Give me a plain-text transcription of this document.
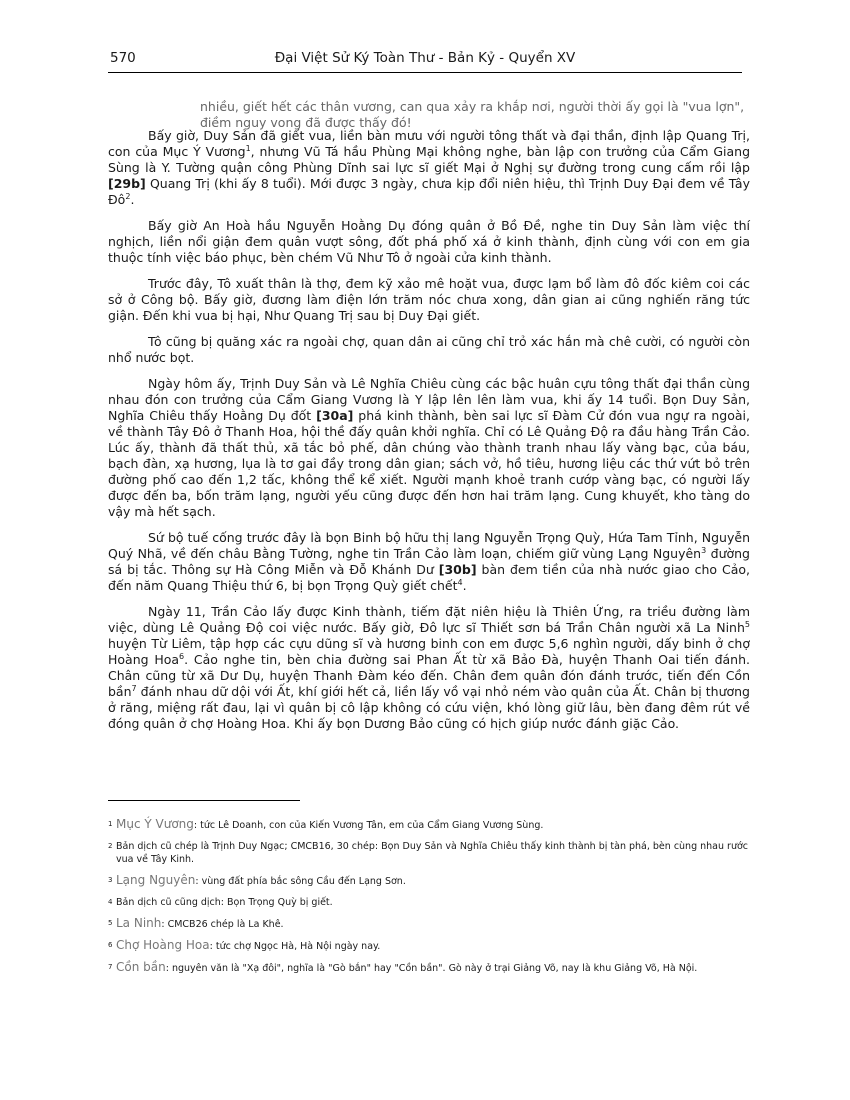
570	Đại Việt Sử Ký Toàn Thư - Bản Kỷ - Quyển XV
nhiều, giết hết các thân vương, can qua xảy ra khắp nơi, người thời ấy gọi là "vua lợn", điềm nguy vong đã được thấy đó!

Bấy giờ, Duy Sản đã giết vua, liền bàn mưu với người tông thất và đại thần, định lập Quang Trị, con của Mục Ý Vương$^1$, nhưng Vũ Tá hầu Phùng Mại không nghe, bàn lập con trưởng của Cẩm Giang Sùng là Y. Tường quận công Phùng Dĩnh sai lực sĩ giết Mại ở Nghị sự đường trong cung cấm rồi lập [29b] Quang Trị (khi ấy 8 tuổi). Mới được 3 ngày, chưa kịp đổi niên hiệu, thì Trịnh Duy Đại đem về Tây $Đô^2$.

Bấy giờ An Hoà hầu Nguyễn Hoằng Dụ đóng quân ở Bồ Đề, nghe tin Duy Sản làm việc thí nghịch, liền nổi giận đem quân vượt sông, đốt phá phố xá ở kinh thành, định cùng với con em gia thuộc tính việc báo phục, bèn chém Vũ Như Tô ở ngoài cửa kinh thành.

Trước đây, Tô xuất thân là thợ, đem kỹ xảo mê hoặt vua, được lạm bổ làm đô đốc kiêm coi các sở ở Công bộ. Bấy giờ, đương làm điện lớn trăm nóc chưa xong, dân gian ai cũng nghiến răng tức giận. Đến khi vua bị hại, Như Quang Trị sau bị Duy Đại giết.

Tô cũng bị quăng xác ra ngoài chợ, quan dân ai cũng chỉ trỏ xác hắn mà chê cười, có người còn nhổ nước bọt.

Ngày hôm ấy, Trịnh Duy Sản và Lê Nghĩa Chiêu cùng các bậc huân cựu tông thất đại thần cùng nhau đón con trưởng của Cẩm Giang Vương là Y lập lên lên làm vua, khi ấy 14 tuổi. Bọn Duy Sản, Nghĩa Chiêu thấy Hoằng Dụ đốt [30a] phá kinh thành, bèn sai lực sĩ Đàm Cử đón vua ngự ra ngoài, về thành Tây Đô ở Thanh Hoa, hội thề đấy quân khởi nghĩa. Chỉ có Lê Quảng Độ ra đầu hàng Trần Cảo. Lúc ấy, thành đã thất thủ, xã tắc bỏ phế, dân chúng vào thành tranh nhau lấy vàng bạc, của báu, bạch đàn, xạ hương, lụa là tơ gai đầy trong dân gian; sách vở, hồ tiêu, hương liệu các thứ vứt bỏ trên đường phố cao đến 1,2 tấc, không thể kể xiết. Người mạnh khoẻ tranh cướp vàng bạc, có người lấy được đến ba, bốn trăm lạng, người yếu cũng được đến hơn hai trăm lạng. Cung khuyết, kho tàng do vậy mà hết sạch.

Sứ bộ tuế cống trước đây là bọn Binh bộ hữu thị lang Nguyễn Trọng Quỳ, Hứa Tam Tỉnh, Nguyễn Quý Nhã, về đến châu Bằng Tường, nghe tin Trần Cảo làm loạn, chiếm giữ vùng Lạng Nguyên$^3$ đường sá bị tắc. Thông sự Hà Công Miễn và Đỗ Khánh Dư [30b] bàn đem tiền của nhà nước giao cho Cảo, đến năm Quang Thiệu thứ 6, bị bọn Trọng Quỳ giết chết$^4$.

Ngày 11, Trần Cảo lấy được Kinh thành, tiếm đặt niên hiệu là Thiên Ứng, ra triều đường làm việc, dùng Lê Quảng Độ coi việc nước. Bấy giờ, Đô lực sĩ Thiết sơn bá Trần Chân người xã La Ninh$^5$ huyện Từ Liêm, tập hợp các cựu dũng sĩ và hương binh con em được 5,6 nghìn người, dấy binh ở chợ Hoàng Hoa$^6$. Cảo nghe tin, bèn chia đường sai Phan Ất từ xã Bảo Đà, huyện Thanh Oai tiến đánh. Chân cũng từ xã Dư Dụ, huyện Thanh Đàm kéo đến. Chân đem quân đón đánh trước, tiến đến Cồn bần$^7$ đánh nhau dữ dội với Ất, khí giới hết cả, liền lấy vồ vại nhỏ ném vào quân của Ất. Chân bị thương ở răng, miệng rất đau, lại vì quân bị cô lập không có cứu viện, khó lòng giữ lâu, bèn đang đêm rút về đóng quân ở chợ Hoàng Hoa. Khi ấy bọn Dương Bảo cũng có hịch giúp nước đánh giặc Cảo.

1 Mục Ý Vương: tức Lê Doanh, con của Kiến Vương Tân, em của Cẩm Giang Vương Sùng.
2 Bản dịch cũ chép là Trịnh Duy Ngạc; CMCB16, 30 chép: Bọn Duy Sản và Nghĩa Chiêu thấy kinh thành bị tàn phá, bèn cùng nhau rước vua về Tây Kinh.
3 Lạng Nguyên: vùng đất phía bắc sông Cầu đến Lạng Sơn.
4 Bản dịch cũ cũng dịch: Bọn Trọng Quỳ bị giết.
5 La Ninh: CMCB26 chép là La Khê.
6 Chợ Hoàng Hoa: tức chợ Ngọc Hà, Hà Nội ngày nay.
7 Cồn bần: nguyên văn là "Xạ đôi", nghĩa là "Gò bắn" hay "Cồn bần". Gò này ở trại Giảng Võ, nay là khu Giảng Võ, Hà Nội.
